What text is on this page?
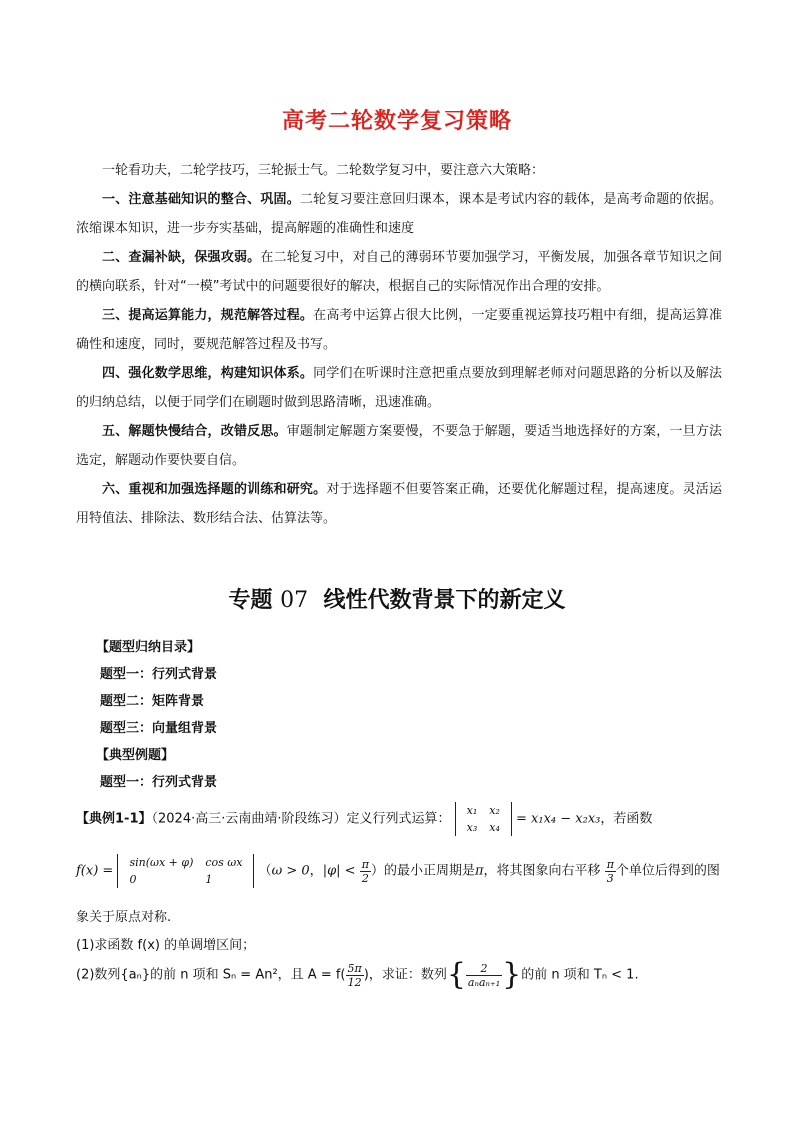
高考二轮数学复习策略

一轮看功夫，二轮学技巧，三轮振士气。二轮数学复习中，要注意六大策略：

一、注意基础知识的整合、巩固。二轮复习要注意回归课本，课本是考试内容的载体，是高考命题的依据。浓缩课本知识，进一步夯实基础，提高解题的准确性和速度

二、查漏补缺，保强攻弱。在二轮复习中，对自己的薄弱环节要加强学习，平衡发展，加强各章节知识之间的横向联系，针对“一模”考试中的问题要很好的解决，根据自己的实际情况作出合理的安排。

三、提高运算能力，规范解答过程。在高考中运算占很大比例，一定要重视运算技巧粗中有细，提高运算准确性和速度，同时，要规范解答过程及书写。

四、强化数学思维，构建知识体系。同学们在听课时注意把重点要放到理解老师对问题思路的分析以及解法的归纳总结，以便于同学们在刷题时做到思路清晰，迅速准确。

五、解题快慢结合，改错反思。审题制定解题方案要慢，不要急于解题，要适当地选择好的方案，一旦方法选定，解题动作要快要自信。

六、重视和加强选择题的训练和研究。对于选择题不但要答案正确，还要优化解题过程，提高速度。灵活运用特值法、排除法、数形结合法、估算法等。

专题 07 线性代数背景下的新定义
【题型归纳目录】
题型一：行列式背景
题型二：矩阵背景
题型三：向量组背景
【典型例题】
题型一：行列式背景
【典例1-1】（2024·高三·云南曲靖·阶段练习）定义行列式运算：
x₁	x₂
x₃	x₄
= x₁x₄ − x₂x₃，若函数
f(x) =
sin(ωx + φ)	cos ωx
0	1
（ω > 0，$|\varphi| < \frac{\pi}{2}$ ）的最小正周期是π，将其图象向右平移 $\frac{\pi}{3}$ 个单位后得到的图
象关于原点对称.
(1)求函数 f(x) 的单调增区间；
(2)数列{aₙ}的前 n 项和 Sₙ = An²，且 $A = f( \frac{5\pi}{12}$ )，求证：数列{ $\frac{2}{\text{aₙaₙ₊₁}}$ }的前 n 项和 Tₙ < 1.
